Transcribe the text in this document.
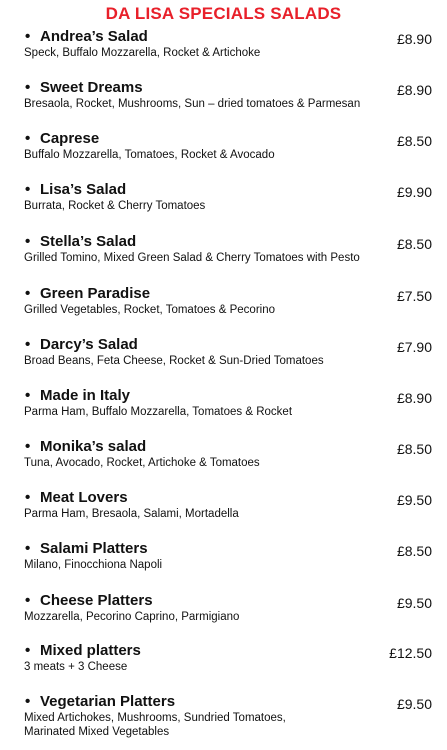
DA LISA SPECIALS SALADS
• Andrea’s Salad	£8.90
Speck, Buffalo Mozzarella, Rocket & Artichoke
• Sweet Dreams	£8.90
Bresaola, Rocket, Mushrooms, Sun – dried tomatoes & Parmesan
• Caprese	£8.50
Buffalo Mozzarella, Tomatoes, Rocket & Avocado
• Lisa’s Salad	£9.90
Burrata, Rocket & Cherry Tomatoes
• Stella’s Salad	£8.50
Grilled Tomino, Mixed Green Salad & Cherry Tomatoes with Pesto
• Green Paradise	£7.50
Grilled Vegetables, Rocket, Tomatoes & Pecorino
• Darcy’s Salad	£7.90
Broad Beans, Feta Cheese, Rocket & Sun-Dried Tomatoes
• Made in Italy	£8.90
Parma Ham, Buffalo Mozzarella, Tomatoes & Rocket
• Monika’s salad	£8.50
Tuna, Avocado, Rocket, Artichoke & Tomatoes
• Meat Lovers	£9.50
Parma Ham, Bresaola, Salami, Mortadella
• Salami Platters	£8.50
Milano, Finocchiona Napoli
• Cheese Platters	£9.50
Mozzarella, Pecorino Caprino, Parmigiano
• Mixed platters	£12.50
3 meats + 3 Cheese
• Vegetarian Platters	£9.50
Mixed Artichokes, Mushrooms, Sundried Tomatoes, Marinated Mixed Vegetables
